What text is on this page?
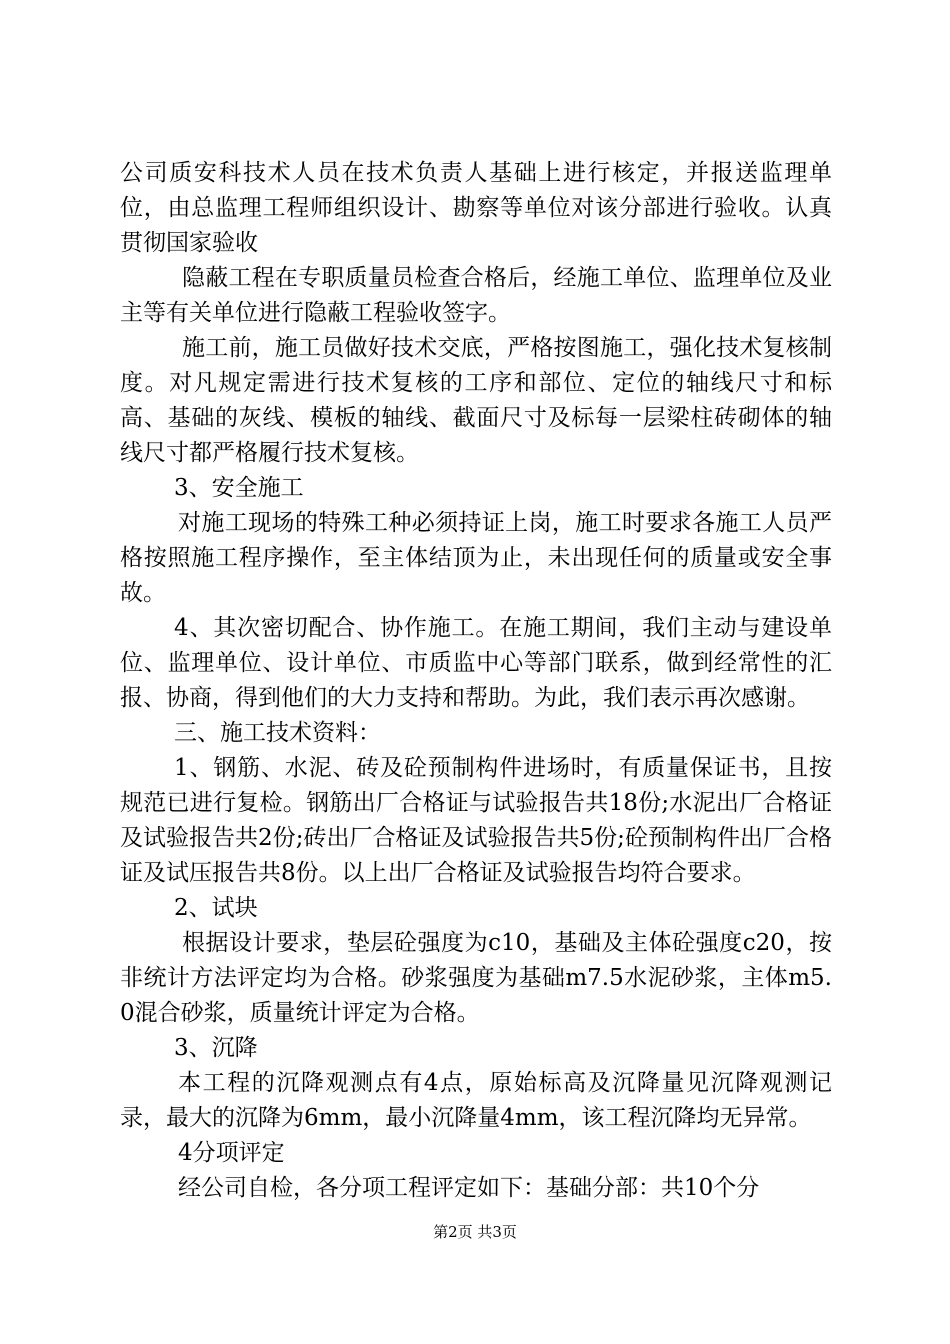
公司质安科技术人员在技术负责人基础上进行核定，并报送监理单位，由总监理工程师组织设计、勘察等单位对该分部进行验收。认真贯彻国家验收

隐蔽工程在专职质量员检查合格后，经施工单位、监理单位及业主等有关单位进行隐蔽工程验收签字。

施工前，施工员做好技术交底，严格按图施工，强化技术复核制度。对凡规定需进行技术复核的工序和部位、定位的轴线尺寸和标高、基础的灰线、模板的轴线、截面尺寸及标每一层梁柱砖砌体的轴线尺寸都严格履行技术复核。

3、安全施工

对施工现场的特殊工种必须持证上岗，施工时要求各施工人员严格按照施工程序操作，至主体结顶为止，未出现任何的质量或安全事故。

4、其次密切配合、协作施工。在施工期间，我们主动与建设单位、监理单位、设计单位、市质监中心等部门联系，做到经常性的汇报、协商，得到他们的大力支持和帮助。为此，我们表示再次感谢。

三、施工技术资料：

1、钢筋、水泥、砖及砼预制构件进场时，有质量保证书，且按规范已进行复检。钢筋出厂合格证与试验报告共18份;水泥出厂合格证及试验报告共2份;砖出厂合格证及试验报告共5份;砼预制构件出厂合格证及试压报告共8份。以上出厂合格证及试验报告均符合要求。

2、试块

根据设计要求，垫层砼强度为c10，基础及主体砼强度c20，按非统计方法评定均为合格。砂浆强度为基础m7.5水泥砂浆，主体m5.0混合砂浆，质量统计评定为合格。

3、沉降

本工程的沉降观测点有4点，原始标高及沉降量见沉降观测记录，最大的沉降为6mm，最小沉降量4mm，该工程沉降均无异常。

4分项评定

经公司自检，各分项工程评定如下：基础分部：共10个分

第2页 共3页
